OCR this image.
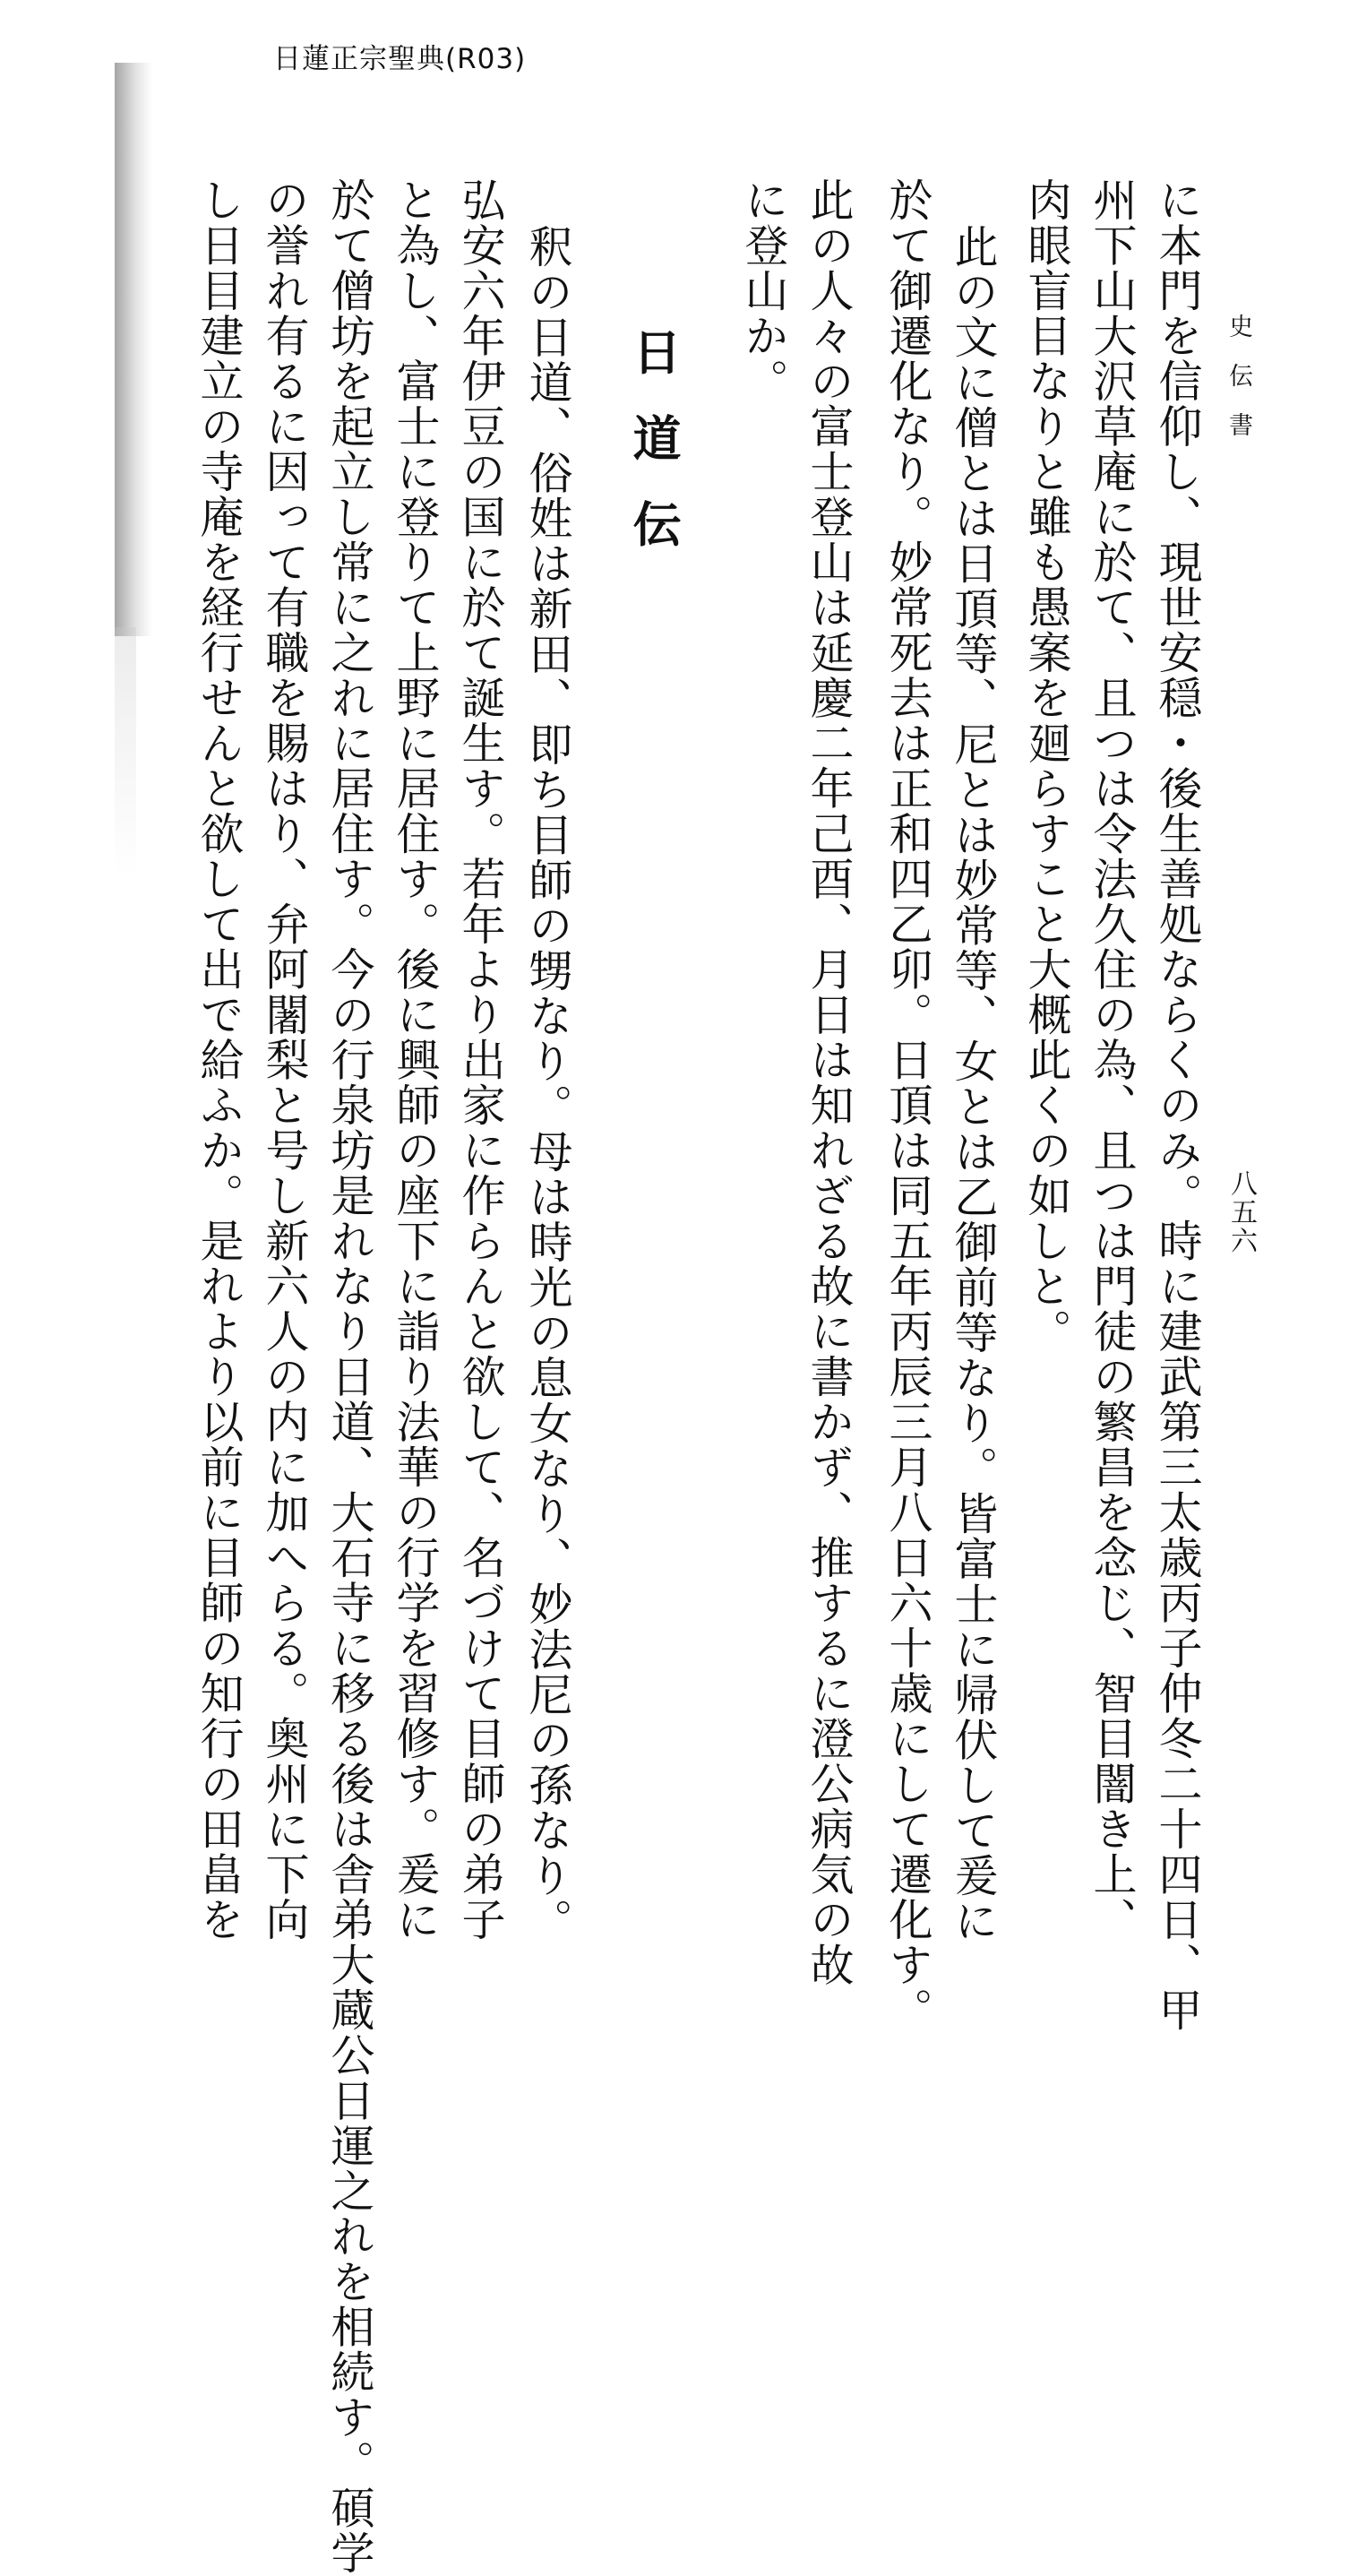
日蓮正宗聖典(R03)
史伝書
八五六
に本門を信仰し、現世安穏・後生善処ならくのみ。時に建武第三太歳丙子仲冬二十四日、甲
州下山大沢草庵に於て、且つは令法久住の為、且つは門徒の繁昌を念じ、智目闇き上、
肉眼盲目なりと雖も愚案を廻らすこと大概此くの如しと。
此の文に僧とは日頂等、尼とは妙常等、女とは乙御前等なり。皆富士に帰伏して爰に
於て御遷化なり。妙常死去は正和四乙卯。日頂は同五年丙辰三月八日六十歳にして遷化す。
此の人々の富士登山は延慶二年己酉、月日は知れざる故に書かず、推するに澄公病気の故
に登山か。
日道伝
釈の日道、俗姓は新田、即ち目師の甥なり。母は時光の息女なり、妙法尼の孫なり。
弘安六年伊豆の国に於て誕生す。若年より出家に作らんと欲して、名づけて目師の弟子
と為し、富士に登りて上野に居住す。後に興師の座下に詣り法華の行学を習修す。爰に
於て僧坊を起立し常に之れに居住す。今の行泉坊是れなり日道、大石寺に移る後は舎弟大蔵公日運之れを相続す。碩学
の誉れ有るに因って有職を賜はり、弁阿闍梨と号し新六人の内に加へらる。奥州に下向
し日目建立の寺庵を経行せんと欲して出で給ふか。是れより以前に目師の知行の田畠を
